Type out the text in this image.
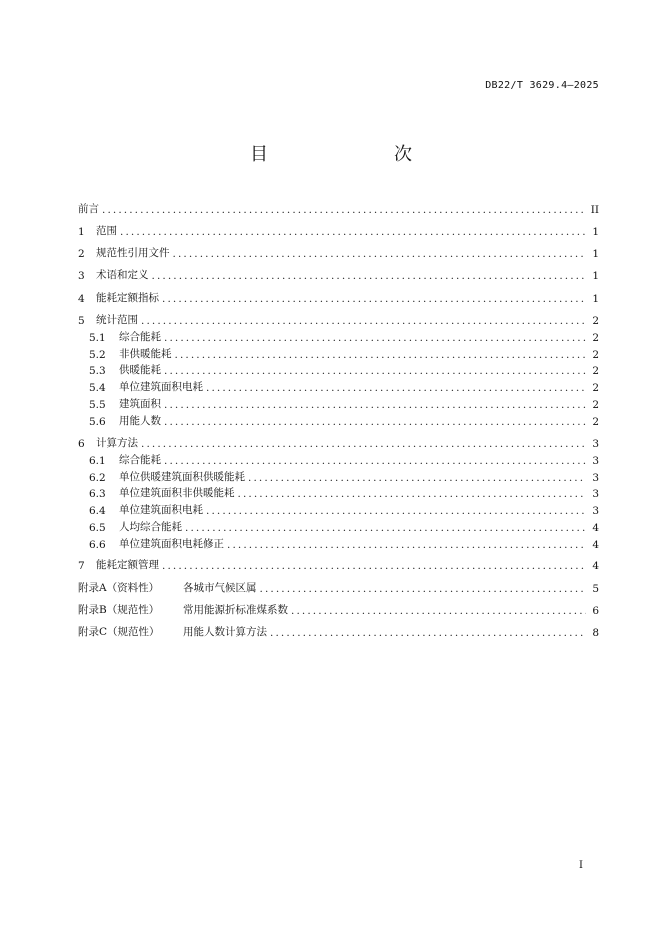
DB22/T 3629.4—2025
目　　次
前言 .....	II
1	范围 .....	1
2	规范性引用文件 .....	1
3	术语和定义 .....	1
4	能耗定额指标 .....	1
5	统计范围 .....	2
5.1	综合能耗 .....	2
5.2	非供暖能耗 .....	2
5.3	供暖能耗 .....	2
5.4	单位建筑面积电耗 .....	2
5.5	建筑面积 .....	2
5.6	用能人数 .....	2
6	计算方法 .....	3
6.1	综合能耗 .....	3
6.2	单位供暖建筑面积供暖能耗 .....	3
6.3	单位建筑面积非供暖能耗 .....	3
6.4	单位建筑面积电耗 .....	3
6.5	人均综合能耗 .....	4
6.6	单位建筑面积电耗修正 .....	4
7	能耗定额管理 .....	4
附录A（资料性）	各城市气候区属 .....	5
附录B（规范性）	常用能源折标准煤系数 .....	6
附录C（规范性）	用能人数计算方法 .....	8
I
